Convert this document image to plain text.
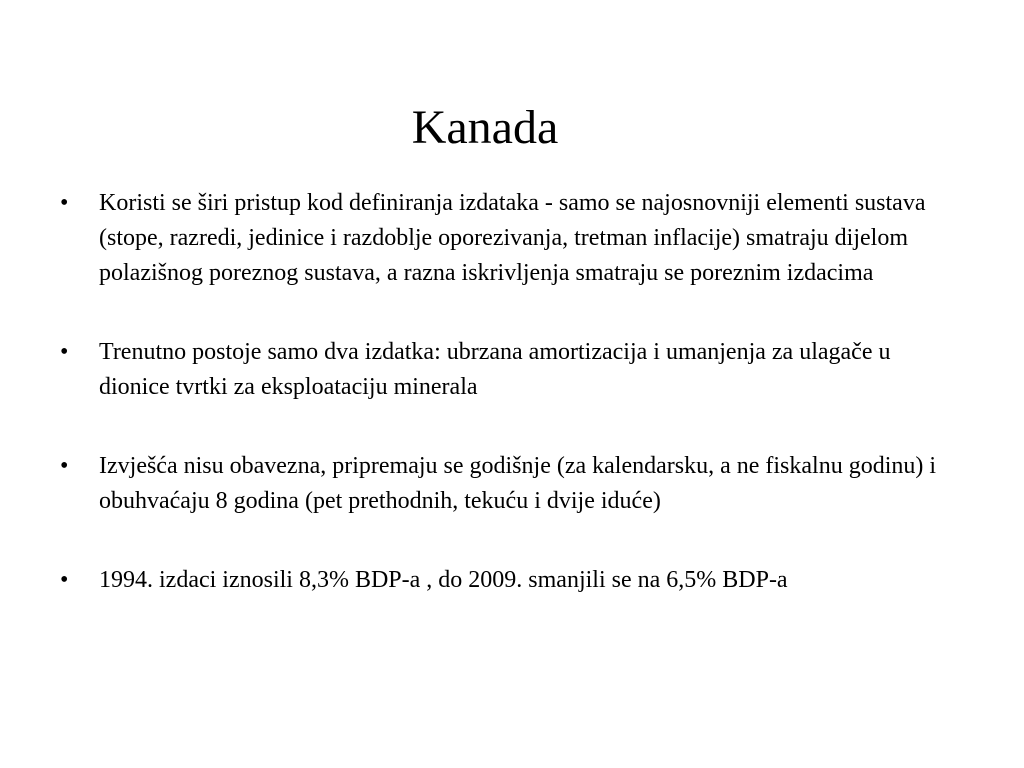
Kanada
•	Koristi se širi pristup kod definiranja izdataka - samo se najosnovniji elementi sustava (stope, razredi, jedinice i razdoblje oporezivanja, tretman inflacije) smatraju dijelom polazišnog poreznog sustava, a razna iskrivljenja smatraju se poreznim izdacima
•	Trenutno postoje samo dva izdatka: ubrzana amortizacija i umanjenja za ulagače u dionice tvrtki za eksploataciju minerala
•	Izvješća nisu obavezna, pripremaju se godišnje (za kalendarsku, a ne fiskalnu godinu) i obuhvaćaju 8 godina (pet prethodnih, tekuću i dvije iduće)
•	1994. izdaci iznosili 8,3% BDP-a , do 2009. smanjili se na 6,5% BDP-a
